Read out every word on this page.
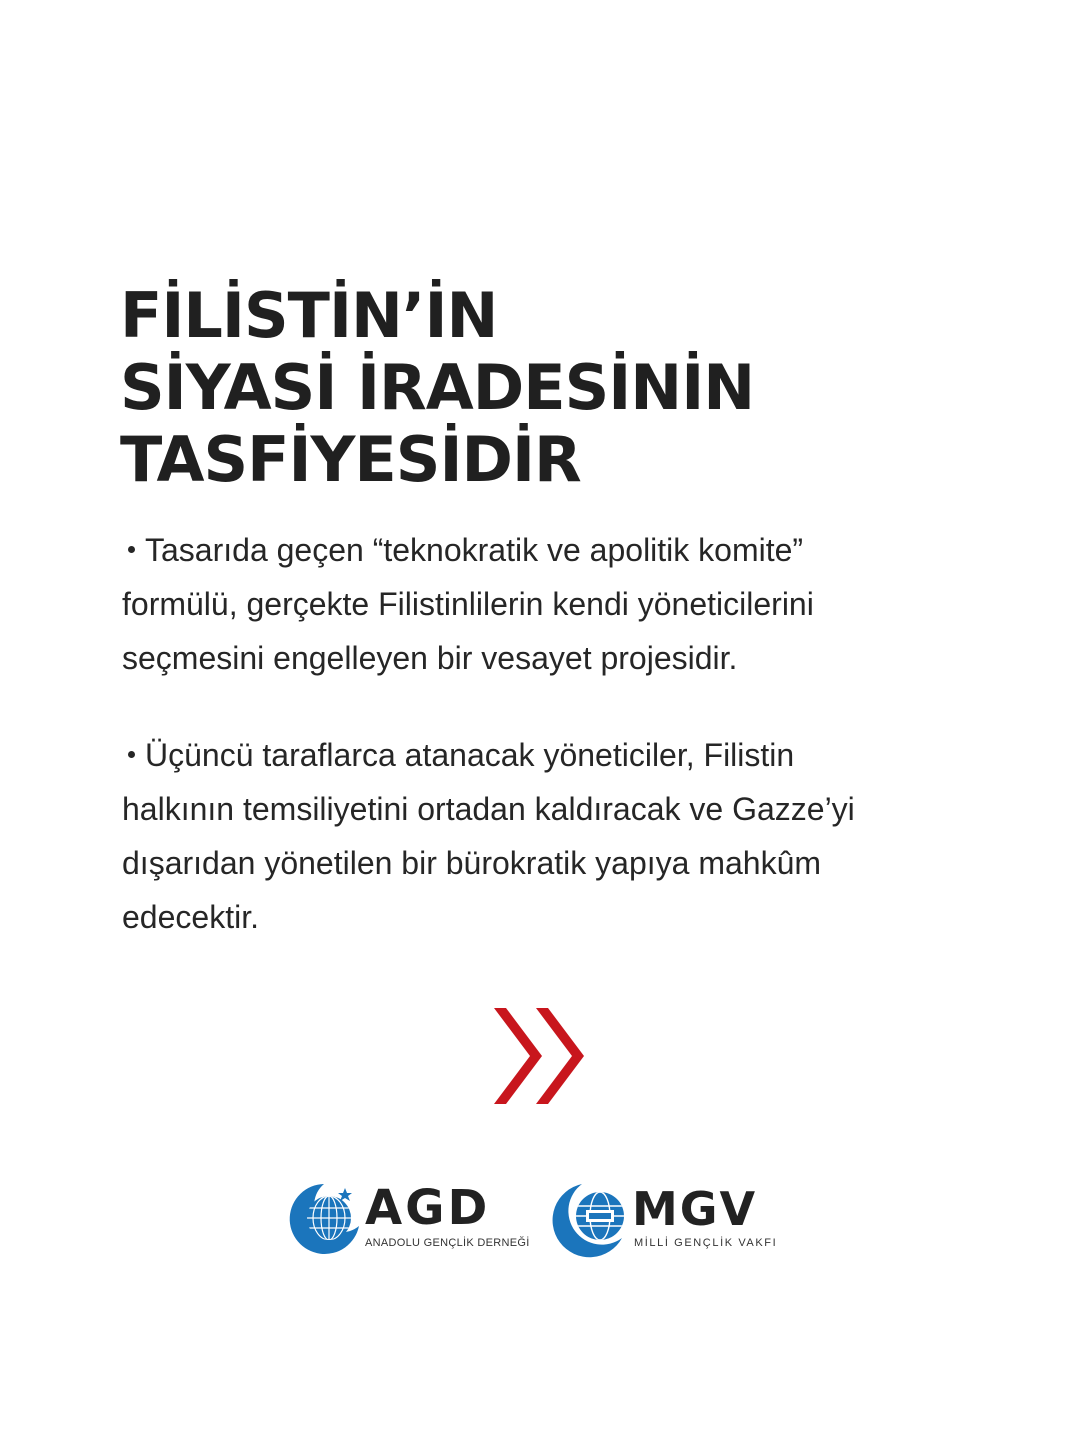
FİLİSTİN’İN
SİYASİ İRADESİNİN
TASFİYESİDİR
Tasarıda geçen “teknokratik ve apolitik komite”
formülü, gerçekte Filistinlilerin kendi yöneticilerini
seçmesini engelleyen bir vesayet projesidir.
Üçüncü taraflarca atanacak yöneticiler, Filistin
halkının temsiliyetini ortadan kaldıracak ve Gazze’yi
dışarıdan yönetilen bir bürokratik yapıya mahkûm
edecektir.
AGD
ANADOLU GENÇLİK DERNEĞİ
MGV
MİLLİ GENÇLİK VAKFI
